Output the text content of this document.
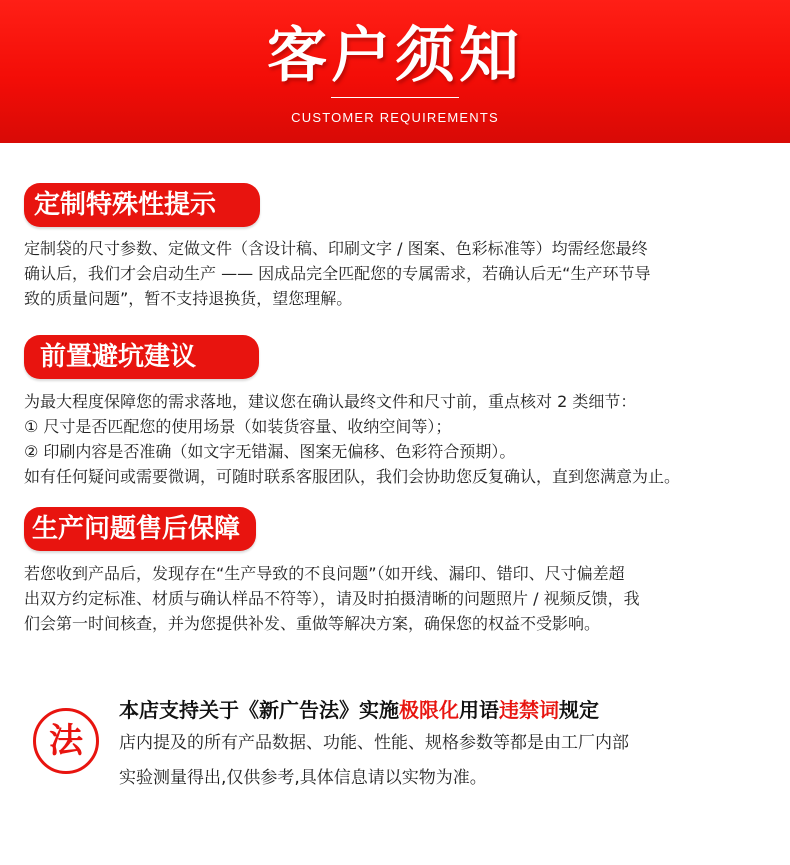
客户须知
CUSTOMER REQUIREMENTS
定制特殊性提示

定制袋的尺寸参数、定做文件（含设计稿、印刷文字 / 图案、色彩标准等）均需经您最终

确认后，我们才会启动生产 —— 因成品完全匹配您的专属需求，若确认后无“生产环节导

致的质量问题”，暂不支持退换货，望您理解。

前置避坑建议

为最大程度保障您的需求落地，建议您在确认最终文件和尺寸前，重点核对 2 类细节：

① 尺寸是否匹配您的使用场景（如装货容量、收纳空间等）；

② 印刷内容是否准确（如文字无错漏、图案无偏移、色彩符合预期）。

如有任何疑问或需要微调，可随时联系客服团队，我们会协助您反复确认，直到您满意为止。

生产问题售后保障

若您收到产品后，发现存在“生产导致的不良问题”（如开线、漏印、错印、尺寸偏差超

出双方约定标准、材质与确认样品不符等），请及时拍摄清晰的问题照片 / 视频反馈，我

们会第一时间核查，并为您提供补发、重做等解决方案，确保您的权益不受影响。

法
本店支持关于《新广告法》实施极限化用语违禁词规定
店内提及的所有产品数据、功能、性能、规格参数等都是由工厂内部
实验测量得出,仅供参考,具体信息请以实物为准。
